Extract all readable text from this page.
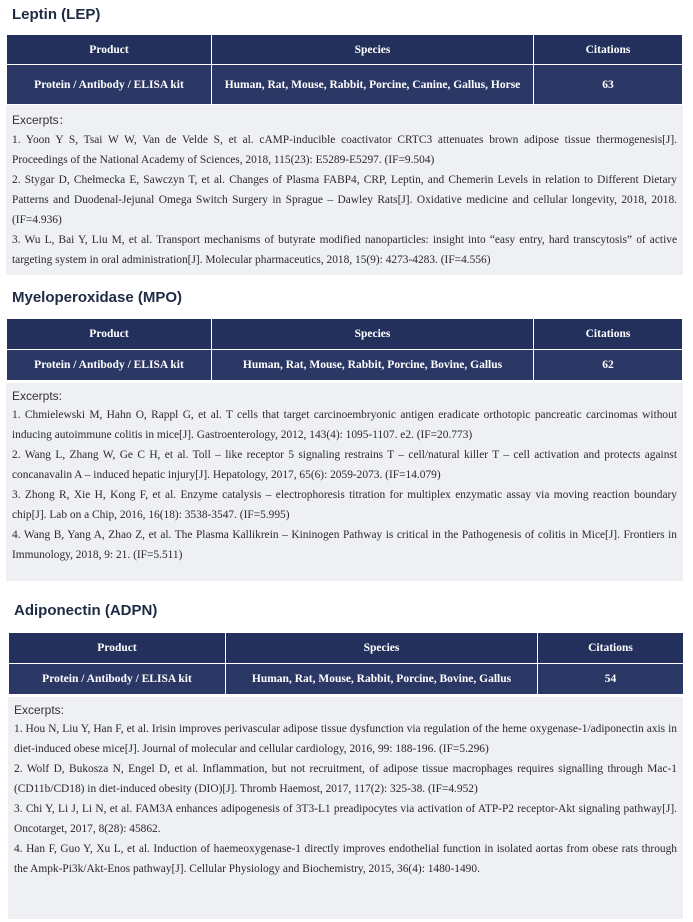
Leptin (LEP)
Product	Species	Citations
Protein / Antibody / ELISA kit	Human, Rat, Mouse, Rabbit, Porcine, Canine, Gallus, Horse	63
Excerpts：
1. Yoon Y S, Tsai W W, Van de Velde S, et al. cAMP-inducible coactivator CRTC3 attenuates brown adipose tissue thermogenesis[J]. Proceedings of the National Academy of Sciences, 2018, 115(23): E5289-E5297. (IF=9.504)
2. Stygar D, Chełmecka E, Sawczyn T, et al. Changes of Plasma FABP4, CRP, Leptin, and Chemerin Levels in relation to Different Dietary Patterns and Duodenal-Jejunal Omega Switch Surgery in Sprague – Dawley Rats[J]. Oxidative medicine and cellular longevity, 2018, 2018. (IF=4.936)
3. Wu L, Bai Y, Liu M, et al. Transport mechanisms of butyrate modified nanoparticles: insight into “easy entry, hard transcytosis” of active targeting system in oral administration[J]. Molecular pharmaceutics, 2018, 15(9): 4273-4283. (IF=4.556)
Myeloperoxidase (MPO)
Product	Species	Citations
Protein / Antibody / ELISA kit	Human, Rat, Mouse, Rabbit, Porcine, Bovine, Gallus	62
Excerpts:
1. Chmielewski M, Hahn O, Rappl G, et al. T cells that target carcinoembryonic antigen eradicate orthotopic pancreatic carcinomas without inducing autoimmune colitis in mice[J]. Gastroenterology, 2012, 143(4): 1095-1107. e2. (IF=20.773)
2. Wang L, Zhang W, Ge C H, et al. Toll – like receptor 5 signaling restrains T – cell/natural killer T – cell activation and protects against concanavalin A – induced hepatic injury[J]. Hepatology, 2017, 65(6): 2059-2073. (IF=14.079)
3. Zhong R, Xie H, Kong F, et al. Enzyme catalysis – electrophoresis titration for multiplex enzymatic assay via moving reaction boundary chip[J]. Lab on a Chip, 2016, 16(18): 3538-3547. (IF=5.995)
4. Wang B, Yang A, Zhao Z, et al. The Plasma Kallikrein – Kininogen Pathway is critical in the Pathogenesis of colitis in Mice[J]. Frontiers in Immunology, 2018, 9: 21. (IF=5.511)
Adiponectin (ADPN)
Product	Species	Citations
Protein / Antibody / ELISA kit	Human, Rat, Mouse, Rabbit, Porcine, Bovine, Gallus	54
Excerpts:
1. Hou N, Liu Y, Han F, et al. Irisin improves perivascular adipose tissue dysfunction via regulation of the heme oxygenase-1/adiponectin axis in diet-induced obese mice[J]. Journal of molecular and cellular cardiology, 2016, 99: 188-196. (IF=5.296)
2. Wolf D, Bukosza N, Engel D, et al. Inflammation, but not recruitment, of adipose tissue macrophages requires signalling through Mac-1 (CD11b/CD18) in diet-induced obesity (DIO)[J]. Thromb Haemost, 2017, 117(2): 325-38. (IF=4.952)
3. Chi Y, Li J, Li N, et al. FAM3A enhances adipogenesis of 3T3-L1 preadipocytes via activation of ATP-P2 receptor-Akt signaling pathway[J]. Oncotarget, 2017, 8(28): 45862.
4. Han F, Guo Y, Xu L, et al. Induction of haemeoxygenase-1 directly improves endothelial function in isolated aortas from obese rats through the Ampk-Pi3k/Akt-Enos pathway[J]. Cellular Physiology and Biochemistry, 2015, 36(4): 1480-1490.
